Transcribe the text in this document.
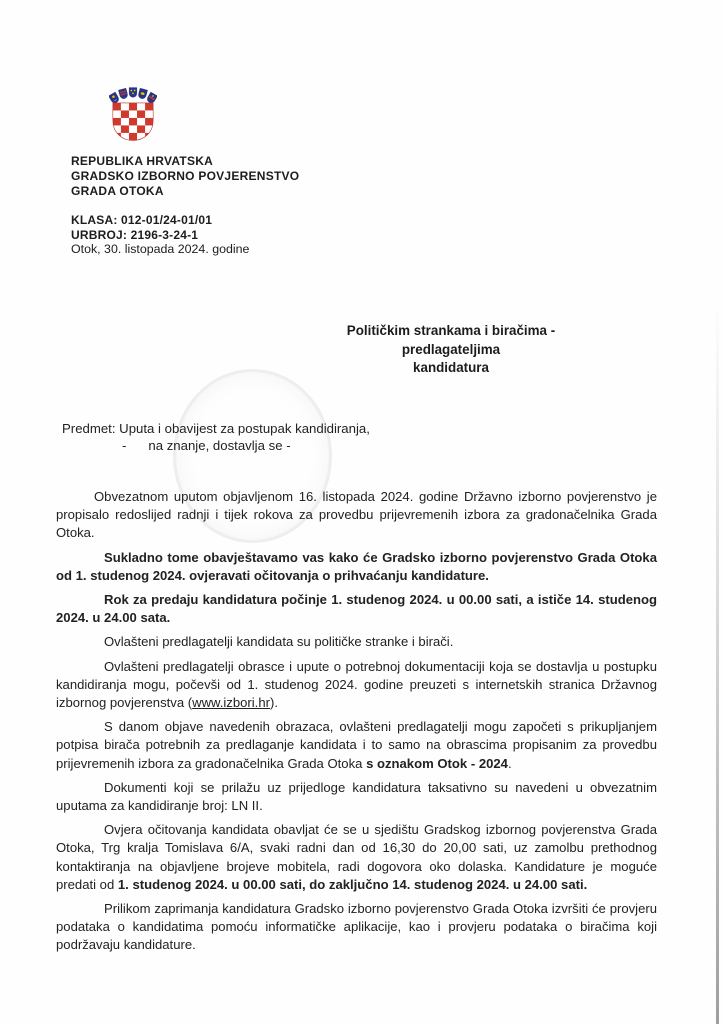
REPUBLIKA HRVATSKA
GRADSKO IZBORNO POVJERENSTVO
GRADA OTOKA
KLASA: 012-01/24-01/01
URBROJ: 2196-3-24-1
Otok, 30. listopada 2024. godine
Političkim strankama i biračima - predlagateljima
kandidatura
Predmet: Uputa i obavijest za postupak kandidiranja,
-      na znanje, dostavlja se -

Obvezatnom uputom objavljenom 16. listopada 2024. godine Državno izborno povjerenstvo je propisalo redoslijed radnji i tijek rokova za provedbu prijevremenih izbora za gradonačelnika Grada Otoka.

Sukladno tome obavještavamo vas kako će Gradsko izborno povjerenstvo Grada Otoka od 1. studenog 2024. ovjeravati očitovanja o prihvaćanju kandidature.

Rok za predaju kandidatura počinje 1. studenog 2024. u 00.00 sati, a ističe 14. studenog 2024. u 24.00 sata.

Ovlašteni predlagatelji kandidata su političke stranke i birači.

Ovlašteni predlagatelji obrasce i upute o potrebnoj dokumentaciji koja se dostavlja u postupku kandidiranja mogu, počevši od 1. studenog 2024. godine preuzeti s internetskih stranica Državnog izbornog povjerenstva (www.izbori.hr).

S danom objave navedenih obrazaca, ovlašteni predlagatelji mogu započeti s prikupljanjem potpisa birača potrebnih za predlaganje kandidata i to samo na obrascima propisanim za provedbu prijevremenih izbora za gradonačelnika Grada Otoka s oznakom Otok - 2024.

Dokumenti koji se prilažu uz prijedloge kandidatura taksativno su navedeni u obvezatnim uputama za kandidiranje broj: LN II.

Ovjera očitovanja kandidata obavljat će se u sjedištu Gradskog izbornog povjerenstva Grada Otoka, Trg kralja Tomislava 6/A, svaki radni dan od 16,30 do 20,00 sati, uz zamolbu prethodnog kontaktiranja na objavljene brojeve mobitela, radi dogovora oko dolaska. Kandidature je moguće predati od 1. studenog 2024. u 00.00 sati, do zaključno 14. studenog 2024. u 24.00 sati.

Prilikom zaprimanja kandidatura Gradsko izborno povjerenstvo Grada Otoka izvršiti će provjeru podataka o kandidatima pomoću informatičke aplikacije, kao i provjeru podataka o biračima koji podržavaju kandidature.
